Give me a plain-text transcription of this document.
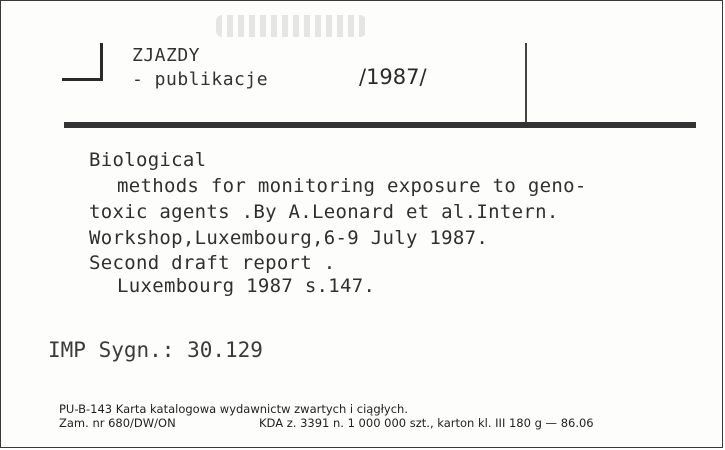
ZJAZDY
- publikacje	/1987/
Biological
methods for monitoring exposure to geno-
toxic agents .By A.Leonard et al.Intern.
Workshop,Luxembourg,6-9 July 1987.
Second draft report .
Luxembourg 1987 s.147.
IMP Sygn.: 30.129
PU-B-143 Karta katalogowa wydawnictw zwartych i ciągłych.
Zam. nr 680/DW/ON	KDA z. 3391 n. 1 000 000 szt., karton kl. III 180 g — 86.06
